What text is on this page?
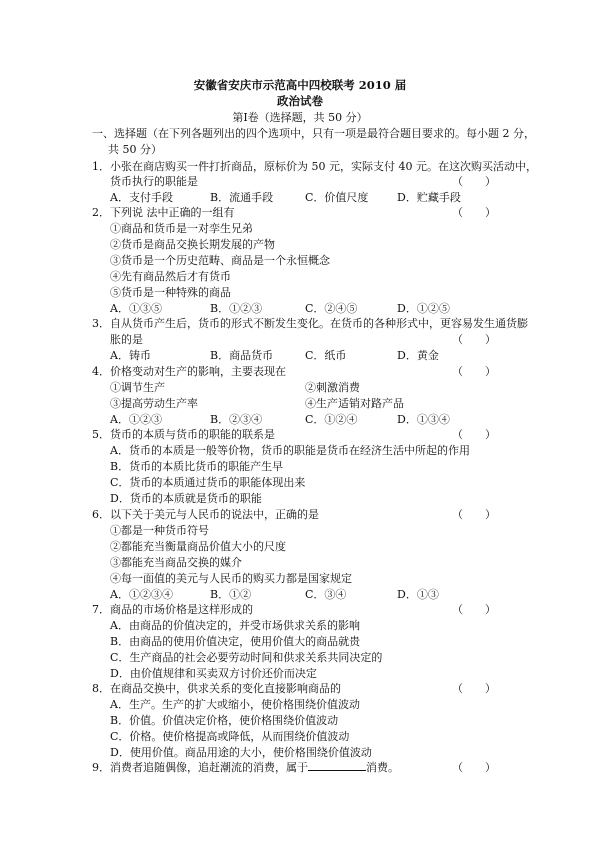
安徽省安庆市示范高中四校联考 2010 届
政治试卷
第Ⅰ卷（选择题，共 50 分）
一、选择题（在下列各题列出的四个选项中，只有一项是最符合题目要求的。每小题 2 分，
共 50 分）
1． 小张在商店购买一件打折商品，原标价为 50 元，实际支付 40 元。在这次购买活动中，
货币执行的职能是	（　　）
A．支付手段	B．流通手段	C．价值尺度	D．贮藏手段
2． 下列说 法中正确的一组有	（　　）
①商品和货币是一对孪生兄弟
②货币是商品交换长期发展的产物
③货币是一个历史范畴、商品是一个永恒概念
④先有商品然后才有货币
⑤货币是一种特殊的商品
A．①③⑤	B．①②③	C．②④⑤	D．①②⑤
3． 自从货币产生后，货币的形式不断发生变化。在货币的各种形式中，更容易发生通货膨
胀的是	（　　）
A．铸币	B．商品货币	C．纸币	D．黄金
4． 价格变动对生产的影响，主要表现在	（　　）
①调节生产	②刺激消费
③提高劳动生产率	④生产适销对路产品
A．①②③	B．②③④	C．①②④	D．①③④
5． 货币的本质与货币的职能的联系是	（　　）
A．货币的本质是一般等价物，货币的职能是货币在经济生活中所起的作用
B．货币的本质比货币的职能产生早
C．货币的本质通过货币的职能体现出来
D．货币的本质就是货币的职能
6． 以下关于美元与人民币的说法中，正确的是	（　　）
①都是一种货币符号
②都能充当衡量商品价值大小的尺度
③都能充当商品交换的媒介
④每一面值的美元与人民币的购买力都是国家规定
A．①②③④	B．①②	C．③④	D．①③
7． 商品的市场价格是这样形成的	（　　）
A．由商品的价值决定的，并受市场供求关系的影响
B．由商品的使用价值决定，使用价值大的商品就贵
C．生产商品的社会必要劳动时间和供求关系共同决定的
D．由价值规律和买卖双方讨价还价而决定
8． 在商品交换中，供求关系的变化直接影响商品的	（　　）
A．生产。生产的扩大或缩小，使价格围绕价值波动
B．价值。价值决定价格，使价格围绕价值波动
C．价格。使价格提高或降低，从而围绕价值波动
D．使用价值。商品用途的大小，使价格围绕价值波动
9． 消费者追随偶像，追赶潮流的消费，属于	消费。	（　　）
